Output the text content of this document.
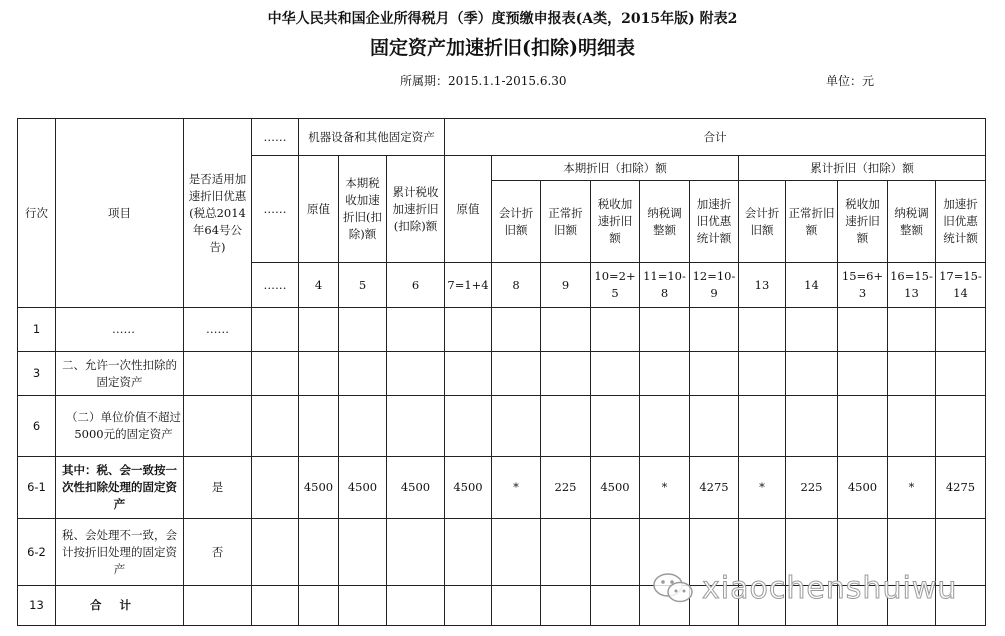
中华人民共和国企业所得税月（季）度预缴申报表(A类，2015年版) 附表2
固定资产加速折旧(扣除)明细表
所属期：2015.1.1-2015.6.30	单位：元
行次	项目	是否适用加速折旧优惠(税总2014年64号公告)	……	机器设备和其他固定资产			合计										
			……	原值	本期税收加速折旧(扣除)额	累计税收加速折旧(扣除)额	原值	本期折旧（扣除）额					累计折旧（扣除）额				
								会计折旧额	正常折旧额	税收加速折旧额	纳税调整额	加速折旧优惠统计额	会计折旧额	正常折旧额	税收加速折旧额	纳税调整额	加速折旧优惠统计额
			……	4	5	6	7=1+4	8	9	10=2+5	11=10-8	12=10-9	13	14	15=6+3	16=15-13	17=15-14
1	……	……															
3	二、允许一次性扣除的固定资产																
6	（二）单位价值不超过5000元的固定资产																
6-1	其中：税、会一致按一次性扣除处理的固定资产	是		4500	4500	4500	4500	*	225	4500	*	4275	*	225	4500	*	4275
6-2	税、会处理不一致，会计按折旧处理的固定资产	否															
13	合计																	xiaochenshuiwu
